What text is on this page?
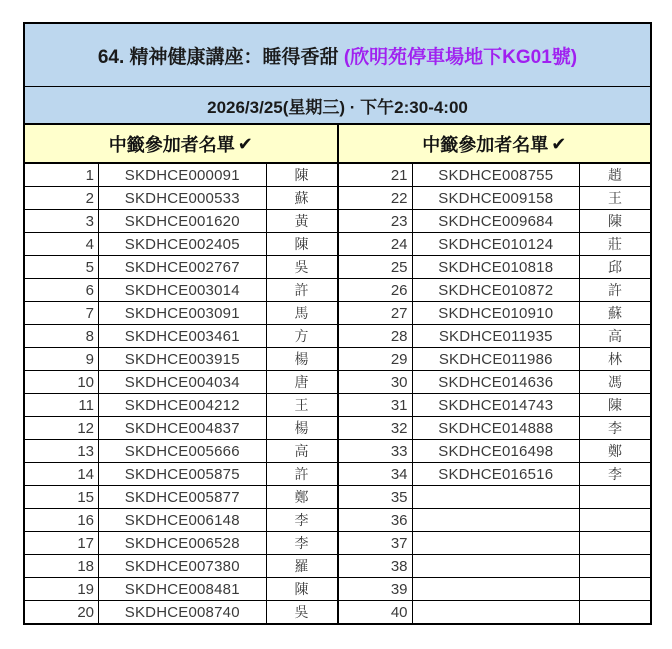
64. 精神健康講座：睡得香甜 (欣明苑停車場地下KG01號)
2026/3/25(星期三) · 下午2:30-4:00
中籤參加者名單 ✔
1	SKDHCE000091	陳
2	SKDHCE000533	蘇
3	SKDHCE001620	黃
4	SKDHCE002405	陳
5	SKDHCE002767	吳
6	SKDHCE003014	許
7	SKDHCE003091	馬
8	SKDHCE003461	方
9	SKDHCE003915	楊
10	SKDHCE004034	唐
11	SKDHCE004212	王
12	SKDHCE004837	楊
13	SKDHCE005666	高
14	SKDHCE005875	許
15	SKDHCE005877	鄭
16	SKDHCE006148	李
17	SKDHCE006528	李
18	SKDHCE007380	羅
19	SKDHCE008481	陳
20	SKDHCE008740	吳
中籤參加者名單 ✔
21	SKDHCE008755	趙
22	SKDHCE009158	王
23	SKDHCE009684	陳
24	SKDHCE010124	莊
25	SKDHCE010818	邱
26	SKDHCE010872	許
27	SKDHCE010910	蘇
28	SKDHCE011935	高
29	SKDHCE011986	林
30	SKDHCE014636	馮
31	SKDHCE014743	陳
32	SKDHCE014888	李
33	SKDHCE016498	鄭
34	SKDHCE016516	李
35
36
37
38
39
40
